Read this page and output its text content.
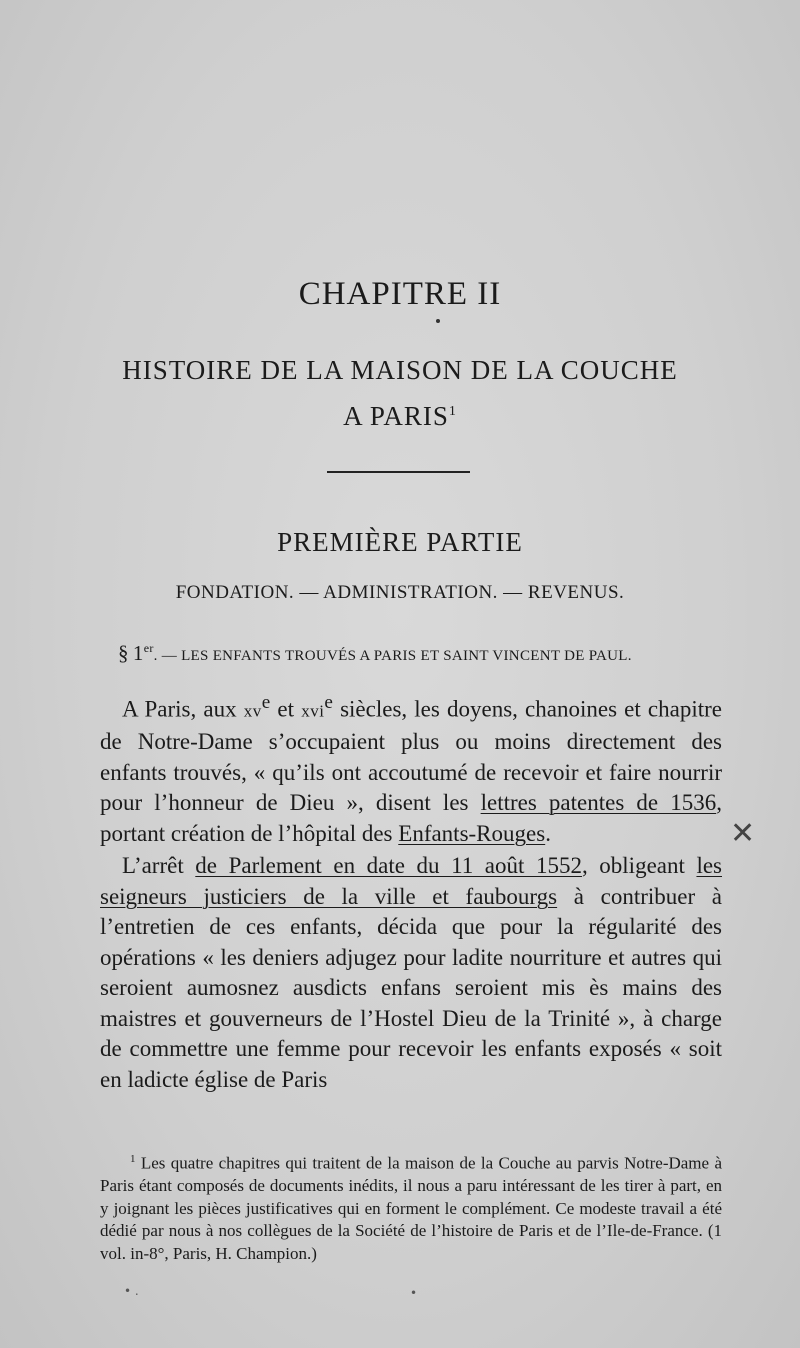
CHAPITRE II
HISTOIRE DE LA MAISON DE LA COUCHE
A PARIS$^1$
PREMIÈRE PARTIE
FONDATION. — ADMINISTRATION. — REVENUS.
§ 1er. — LES ENFANTS TROUVÉS A PARIS ET SAINT VINCENT DE PAUL.

A Paris, aux $xv^e$ et xvi$^e$ siècles, les doyens, chanoines et chapitre de Notre-Dame s’occupaient plus ou moins directement des enfants trouvés, « qu’ils ont accoutumé de recevoir et faire nourrir pour l’honneur de Dieu », disent les lettres patentes de 1536, portant création de l’hôpital des Enfants-Rouges.

L’arrêt de Parlement en date du 11 août 1552, obligeant les seigneurs justiciers de la ville et faubourgs à contribuer à l’entretien de ces enfants, décida que pour la régularité des opérations « les deniers adjugez pour ladite nourriture et autres qui seroient aumosnez ausdicts enfans seroient mis ès mains des maistres et gouverneurs de l’Hostel Dieu de la Trinité », à charge de commettre une femme pour recevoir les enfants exposés « soit en ladicte église de Paris

✕
$^1$ Les quatre chapitres qui traitent de la maison de la Couche au parvis Notre-Dame à Paris étant composés de documents inédits, il nous a paru intéressant de les tirer à part, en y joignant les pièces justificatives qui en forment le complément. Ce modeste travail a été dédié par nous à nos collègues de la Société de l’histoire de Paris et de l’Ile-de-France. (1 vol. in-8°, Paris, H. Champion.)
• .	•
